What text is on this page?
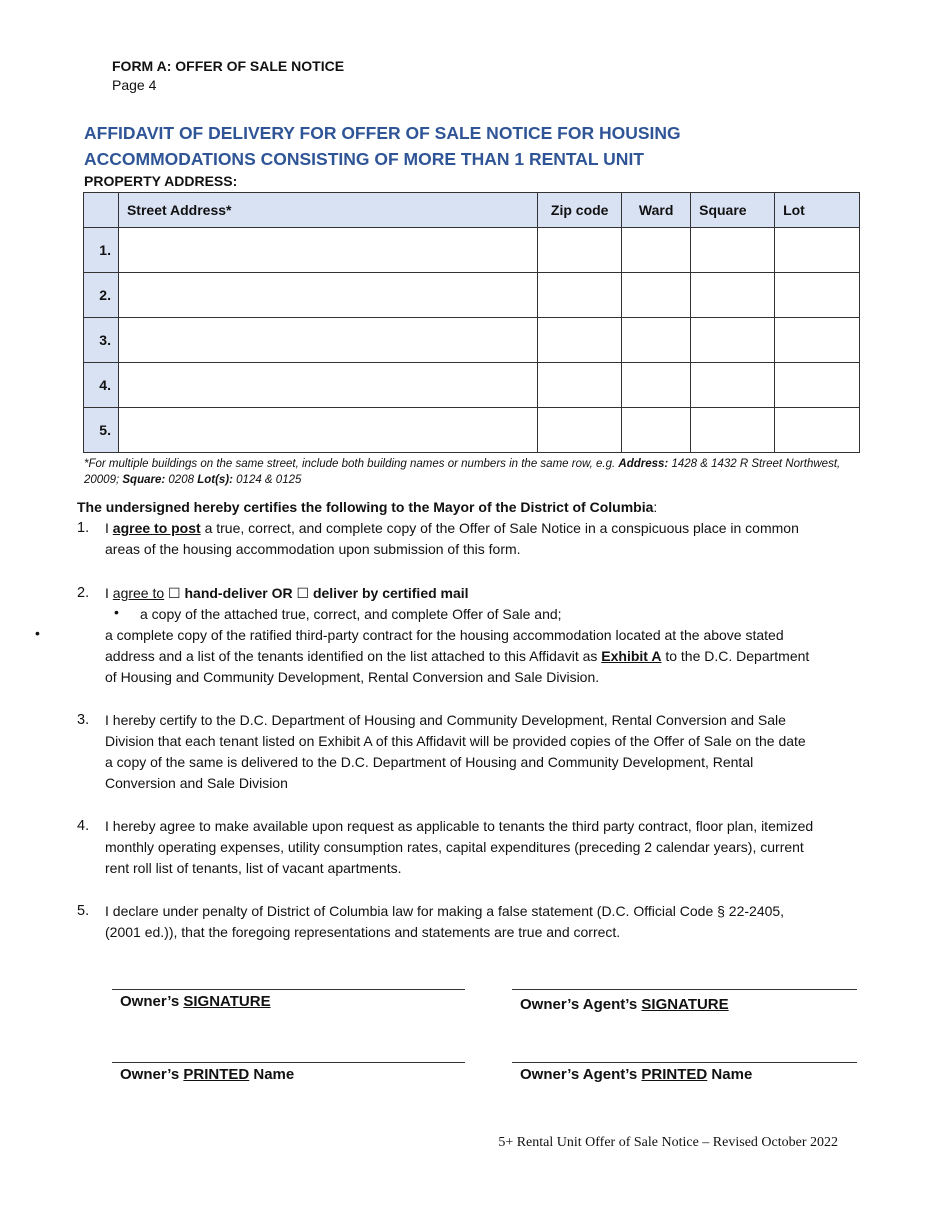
FORM A: OFFER OF SALE NOTICE
Page 4
AFFIDAVIT OF DELIVERY FOR OFFER OF SALE NOTICE FOR HOUSING ACCOMMODATIONS CONSISTING OF MORE THAN 1 RENTAL UNIT
PROPERTY ADDRESS:
	Street Address*	Zip code	Ward	Square	Lot
1.					
2.					
3.					
4.					
5.					
*For multiple buildings on the same street, include both building names or numbers in the same row, e.g. Address: 1428 & 1432 R Street Northwest, 20009; Square: 0208 Lot(s): 0124 & 0125
The undersigned hereby certifies the following to the Mayor of the District of Columbia:
1. I agree to post a true, correct, and complete copy of the Offer of Sale Notice in a conspicuous place in common areas of the housing accommodation upon submission of this form.
2. I agree to ☐ hand-deliver OR ☐ deliver by certified mail
• a copy of the attached true, correct, and complete Offer of Sale and;
•	a complete copy of the ratified third-party contract for the housing accommodation located at the above stated address and a list of the tenants identified on the list attached to this Affidavit as Exhibit A to the D.C. Department of Housing and Community Development, Rental Conversion and Sale Division.
3. I hereby certify to the D.C. Department of Housing and Community Development, Rental Conversion and Sale Division that each tenant listed on Exhibit A of this Affidavit will be provided copies of the Offer of Sale on the date a copy of the same is delivered to the D.C. Department of Housing and Community Development, Rental Conversion and Sale Division
4. I hereby agree to make available upon request as applicable to tenants the third party contract, floor plan, itemized monthly operating expenses, utility consumption rates, capital expenditures (preceding 2 calendar years), current rent roll list of tenants, list of vacant apartments.
5. I declare under penalty of District of Columbia law for making a false statement (D.C. Official Code § 22-2405, (2001 ed.)), that the foregoing representations and statements are true and correct.
Owner’s SIGNATURE	Owner’s Agent’s SIGNATURE
Owner’s PRINTED Name	Owner’s Agent’s PRINTED Name
5+ Rental Unit Offer of Sale Notice – Revised October 2022
